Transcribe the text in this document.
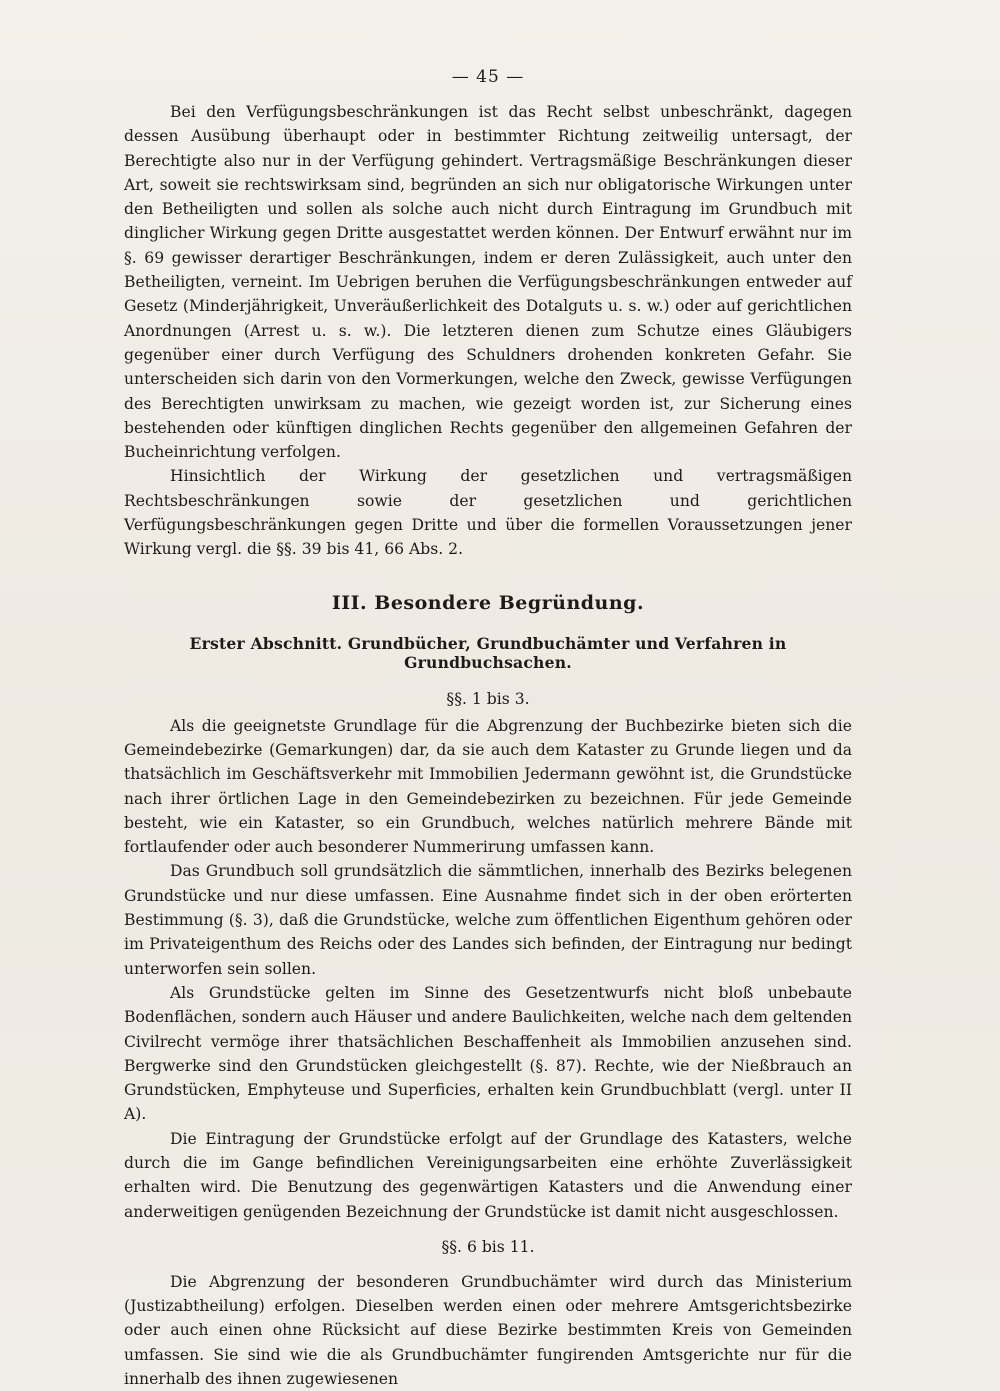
— 45 —

Bei den Verfügungsbeschränkungen ist das Recht selbst unbeschränkt, dagegen dessen Ausübung überhaupt oder in bestimmter Richtung zeitweilig untersagt, der Berechtigte also nur in der Verfügung gehindert. Vertragsmäßige Beschränkungen dieser Art, soweit sie rechtswirksam sind, begründen an sich nur obligatorische Wirkungen unter den Betheiligten und sollen als solche auch nicht durch Eintragung im Grundbuch mit dinglicher Wirkung gegen Dritte ausgestattet werden können. Der Entwurf erwähnt nur im §. 69 gewisser derartiger Beschränkungen, indem er deren Zulässigkeit, auch unter den Betheiligten, verneint. Im Uebrigen beruhen die Verfügungsbeschränkungen entweder auf Gesetz (Minderjährigkeit, Unveräußerlichkeit des Dotalguts u. s. w.) oder auf gerichtlichen Anordnungen (Arrest u. s. w.). Die letzteren dienen zum Schutze eines Gläubigers gegenüber einer durch Verfügung des Schuldners drohenden konkreten Gefahr. Sie unterscheiden sich darin von den Vormerkungen, welche den Zweck, gewisse Verfügungen des Berechtigten unwirksam zu machen, wie gezeigt worden ist, zur Sicherung eines bestehenden oder künftigen dinglichen Rechts gegenüber den allgemeinen Gefahren der Bucheinrichtung verfolgen.

Hinsichtlich der Wirkung der gesetzlichen und vertragsmäßigen Rechtsbeschränkungen sowie der gesetzlichen und gerichtlichen Verfügungsbeschränkungen gegen Dritte und über die formellen Voraussetzungen jener Wirkung vergl. die §§. 39 bis 41, 66 Abs. 2.

III. Besondere Begründung.
Erster Abschnitt. Grundbücher, Grundbuchämter und Verfahren in Grundbuchsachen.
§§. 1 bis 3.

Als die geeignetste Grundlage für die Abgrenzung der Buchbezirke bieten sich die Gemeindebezirke (Gemarkungen) dar, da sie auch dem Kataster zu Grunde liegen und da thatsächlich im Geschäftsverkehr mit Immobilien Jedermann gewöhnt ist, die Grundstücke nach ihrer örtlichen Lage in den Gemeindebezirken zu bezeichnen. Für jede Gemeinde besteht, wie ein Kataster, so ein Grundbuch, welches natürlich mehrere Bände mit fortlaufender oder auch besonderer Nummerirung umfassen kann.

Das Grundbuch soll grundsätzlich die sämmtlichen, innerhalb des Bezirks belegenen Grundstücke und nur diese umfassen. Eine Ausnahme findet sich in der oben erörterten Bestimmung (§. 3), daß die Grundstücke, welche zum öffentlichen Eigenthum gehören oder im Privateigenthum des Reichs oder des Landes sich befinden, der Eintragung nur bedingt unterworfen sein sollen.

Als Grundstücke gelten im Sinne des Gesetzentwurfs nicht bloß unbebaute Bodenflächen, sondern auch Häuser und andere Baulichkeiten, welche nach dem geltenden Civilrecht vermöge ihrer thatsächlichen Beschaffenheit als Immobilien anzusehen sind. Bergwerke sind den Grundstücken gleichgestellt (§. 87). Rechte, wie der Nießbrauch an Grundstücken, Emphyteuse und Superficies, erhalten kein Grundbuchblatt (vergl. unter II A).

Die Eintragung der Grundstücke erfolgt auf der Grundlage des Katasters, welche durch die im Gange befindlichen Vereinigungsarbeiten eine erhöhte Zuverlässigkeit erhalten wird. Die Benutzung des gegenwärtigen Katasters und die Anwendung einer anderweitigen genügenden Bezeichnung der Grundstücke ist damit nicht ausgeschlossen.

§§. 6 bis 11.

Die Abgrenzung der besonderen Grundbuchämter wird durch das Ministerium (Justizabtheilung) erfolgen. Dieselben werden einen oder mehrere Amtsgerichtsbezirke oder auch einen ohne Rücksicht auf diese Bezirke bestimmten Kreis von Gemeinden umfassen. Sie sind wie die als Grundbuchämter fungirenden Amtsgerichte nur für die innerhalb des ihnen zugewiesenen
